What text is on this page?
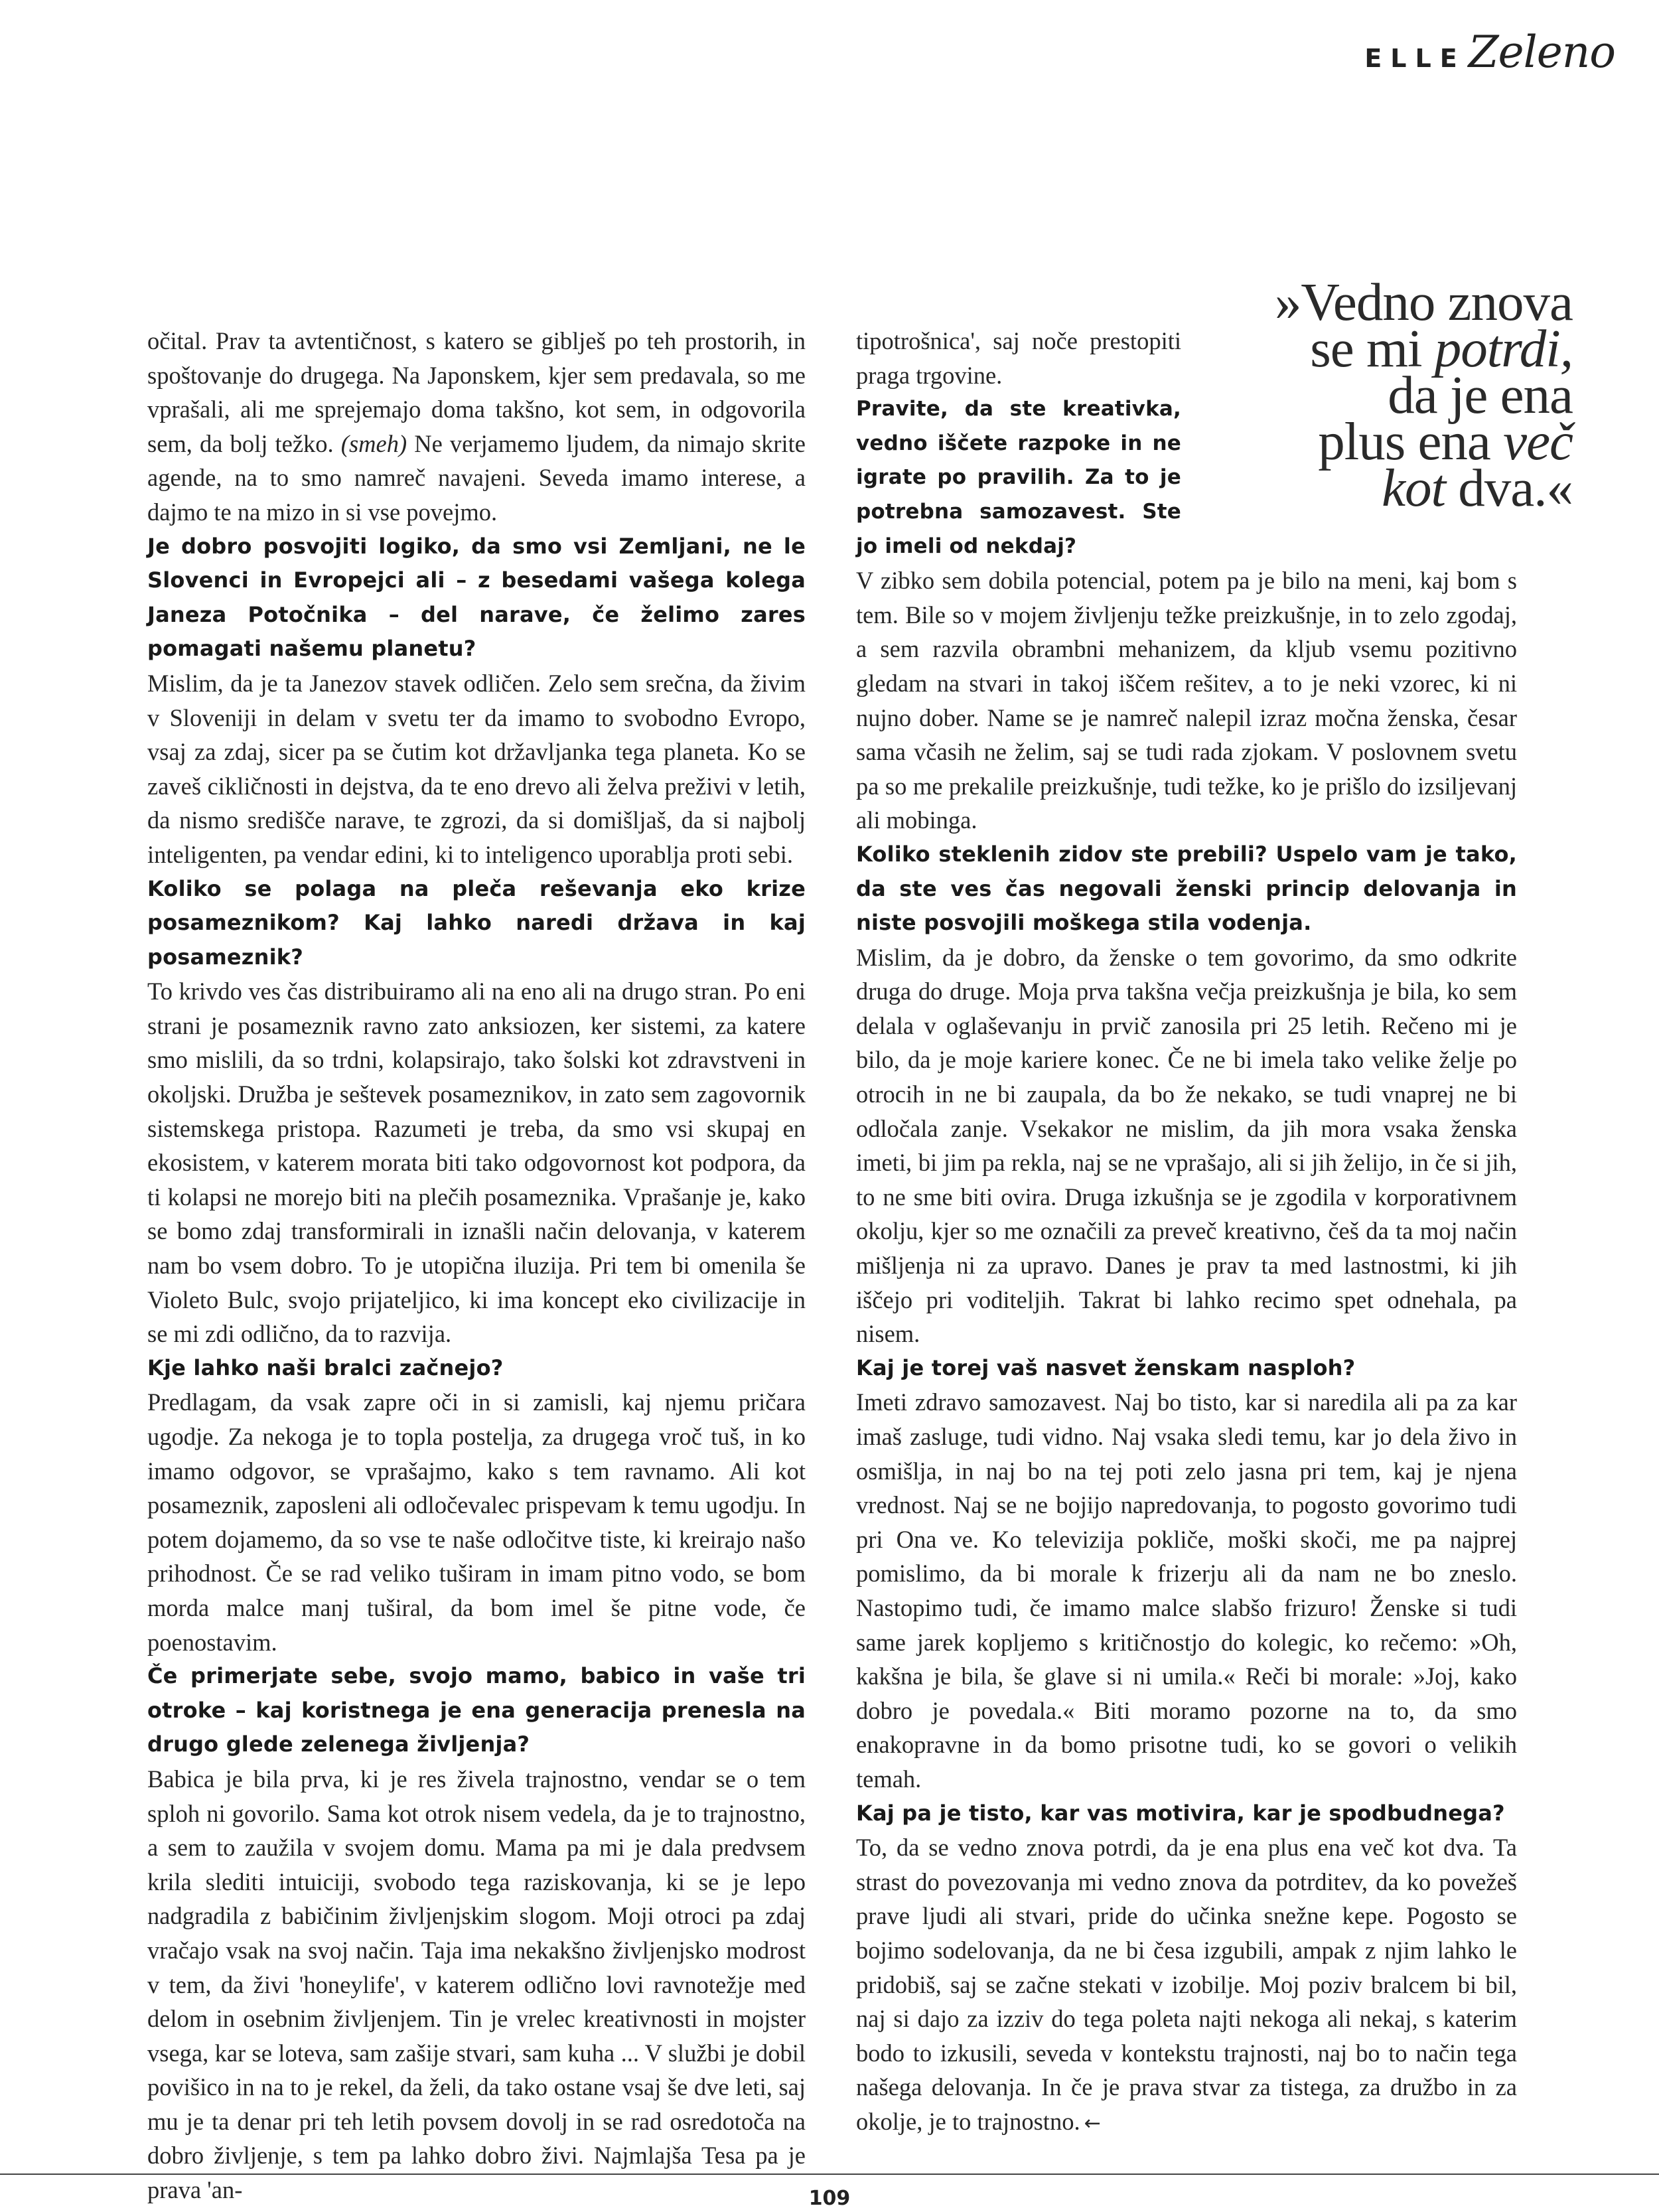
ELLE Zeleno
»Vedno znova
se mi potrdi,
da je ena
plus ena več
kot dva.«

očital. Prav ta avtentičnost, s katero se giblješ po teh prostorih, in spoštovanje do drugega. Na Japonskem, kjer sem predavala, so me vprašali, ali me sprejemajo doma takšno, kot sem, in odgovorila sem, da bolj težko. (smeh) Ne verjamemo ljudem, da nimajo skrite agende, na to smo namreč navajeni. Seveda imamo interese, a dajmo te na mizo in si vse povejmo.

Je dobro posvojiti logiko, da smo vsi Zemljani, ne le Slovenci in Evropejci ali – z besedami vašega kolega Janeza Potočnika – del narave, če želimo zares pomagati našemu planetu?

Mislim, da je ta Janezov stavek odličen. Zelo sem srečna, da živim v Sloveniji in delam v svetu ter da imamo to svobodno Evropo, vsaj za zdaj, sicer pa se čutim kot državljanka tega planeta. Ko se zaveš cikličnosti in dejstva, da te eno drevo ali želva preživi v letih, da nismo središče narave, te zgrozi, da si domišljaš, da si najbolj inteligenten, pa vendar edini, ki to inteligenco uporablja proti sebi.

Koliko se polaga na pleča reševanja eko krize posameznikom? Kaj lahko naredi država in kaj posameznik?

To krivdo ves čas distribuiramo ali na eno ali na drugo stran. Po eni strani je posameznik ravno zato anksiozen, ker sistemi, za katere smo mislili, da so trdni, kolapsirajo, tako šolski kot zdravstveni in okoljski. Družba je seštevek posameznikov, in zato sem zagovornik sistemskega pristopa. Razumeti je treba, da smo vsi skupaj en ekosistem, v katerem morata biti tako odgovornost kot podpora, da ti kolapsi ne morejo biti na plečih posameznika. Vprašanje je, kako se bomo zdaj transformirali in iznašli način delovanja, v katerem nam bo vsem dobro. To je utopična iluzija. Pri tem bi omenila še Violeto Bulc, svojo prijateljico, ki ima koncept eko civilizacije in se mi zdi odlično, da to razvija.

Kje lahko naši bralci začnejo?

Predlagam, da vsak zapre oči in si zamisli, kaj njemu pričara ugodje. Za nekoga je to topla postelja, za drugega vroč tuš, in ko imamo odgovor, se vprašajmo, kako s tem ravnamo. Ali kot posameznik, zaposleni ali odločevalec prispevam k temu ugodju. In potem dojamemo, da so vse te naše odločitve tiste, ki kreirajo našo prihodnost. Če se rad veliko tuširam in imam pitno vodo, se bom morda malce manj tuširal, da bom imel še pitne vode, če poenostavim.

Če primerjate sebe, svojo mamo, babico in vaše tri otroke – kaj koristnega je ena generacija prenesla na drugo glede zelenega življenja?

Babica je bila prva, ki je res živela trajnostno, vendar se o tem sploh ni govorilo. Sama kot otrok nisem vedela, da je to trajnostno, a sem to zaužila v svojem domu. Mama pa mi je dala predvsem krila slediti intuiciji, svobodo tega raziskovanja, ki se je lepo nadgradila z babičinim življenjskim slogom. Moji otroci pa zdaj vračajo vsak na svoj način. Taja ima nekakšno življenjsko modrost v tem, da živi 'honeylife', v katerem odlično lovi ravnotežje med delom in osebnim življenjem. Tin je vrelec kreativnosti in mojster vsega, kar se loteva, sam zašije stvari, sam kuha ... V službi je dobil povišico in na to je rekel, da želi, da tako ostane vsaj še dve leti, saj mu je ta denar pri teh letih povsem dovolj in se rad osredotoča na dobro življenje, s tem pa lahko dobro živi. Najmlajša Tesa pa je prava 'an-

tipotrošnica', saj noče prestopiti praga trgovine.

Pravite, da ste kreativka, vedno iščete razpoke in ne igrate po pravilih. Za to je potrebna samozavest. Ste jo imeli od nekdaj?

V zibko sem dobila potencial, potem pa je bilo na meni, kaj bom s tem. Bile so v mojem življenju težke preizkušnje, in to zelo zgodaj, a sem razvila obrambni mehanizem, da kljub vsemu pozitivno gledam na stvari in takoj iščem rešitev, a to je neki vzorec, ki ni nujno dober. Name se je namreč nalepil izraz močna ženska, česar sama včasih ne želim, saj se tudi rada zjokam. V poslovnem svetu pa so me prekalile preizkušnje, tudi težke, ko je prišlo do izsiljevanj ali mobinga.

Koliko steklenih zidov ste prebili? Uspelo vam je tako, da ste ves čas negovali ženski princip delovanja in niste posvojili moškega stila vodenja.

Mislim, da je dobro, da ženske o tem govorimo, da smo odkrite druga do druge. Moja prva takšna večja preizkušnja je bila, ko sem delala v oglaševanju in prvič zanosila pri 25 letih. Rečeno mi je bilo, da je moje kariere konec. Če ne bi imela tako velike želje po otrocih in ne bi zaupala, da bo že nekako, se tudi vnaprej ne bi odločala zanje. Vsekakor ne mislim, da jih mora vsaka ženska imeti, bi jim pa rekla, naj se ne vprašajo, ali si jih želijo, in če si jih, to ne sme biti ovira. Druga izkušnja se je zgodila v korporativnem okolju, kjer so me označili za preveč kreativno, češ da ta moj način mišljenja ni za upravo. Danes je prav ta med lastnostmi, ki jih iščejo pri voditeljih. Takrat bi lahko recimo spet odnehala, pa nisem.

Kaj je torej vaš nasvet ženskam nasploh?

Imeti zdravo samozavest. Naj bo tisto, kar si naredila ali pa za kar imaš zasluge, tudi vidno. Naj vsaka sledi temu, kar jo dela živo in osmišlja, in naj bo na tej poti zelo jasna pri tem, kaj je njena vrednost. Naj se ne bojijo napredovanja, to pogosto govorimo tudi pri Ona ve. Ko televizija pokliče, moški skoči, me pa najprej pomislimo, da bi morale k frizerju ali da nam ne bo zneslo. Nastopimo tudi, če imamo malce slabšo frizuro! Ženske si tudi same jarek kopljemo s kritičnostjo do kolegic, ko rečemo: »Oh, kakšna je bila, še glave si ni umila.« Reči bi morale: »Joj, kako dobro je povedala.« Biti moramo pozorne na to, da smo enakopravne in da bomo prisotne tudi, ko se govori o velikih temah.

Kaj pa je tisto, kar vas motivira, kar je spodbudnega?

To, da se vedno znova potrdi, da je ena plus ena več kot dva. Ta strast do povezovanja mi vedno znova da potrditev, da ko povežeš prave ljudi ali stvari, pride do učinka snežne kepe. Pogosto se bojimo sodelovanja, da ne bi česa izgubili, ampak z njim lahko le pridobiš, saj se začne stekati v izobilje. Moj poziv bralcem bi bil, naj si dajo za izziv do tega poleta najti nekoga ali nekaj, s katerim bodo to izkusili, seveda v kontekstu trajnosti, naj bo to način tega našega delovanja. In če je prava stvar za tistega, za družbo in za okolje, je to trajnostno. ←

109
